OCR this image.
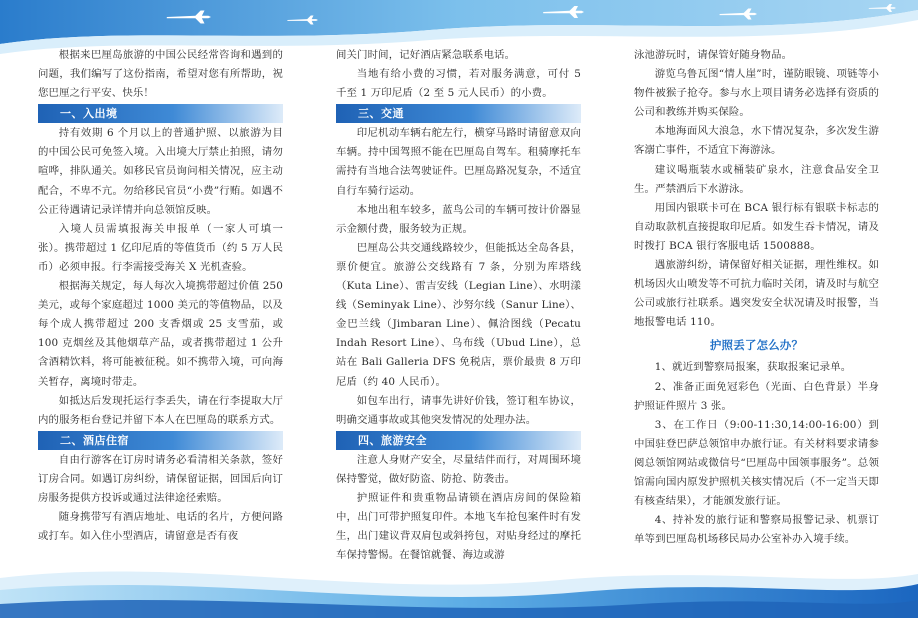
根据来巴厘岛旅游的中国公民经常咨询和遇到的问题，我们编写了这份指南，希望对您有所帮助，祝您巴厘之行平安、快乐！

一、入出境

持有效期 6 个月以上的普通护照、以旅游为目的中国公民可免签入境。入出境大厅禁止拍照，请勿喧哗，排队通关。如移民官员询问相关情况，应主动配合，不卑不亢。勿给移民官员“小费”行贿。如遇不公正待遇请记录详情并向总领馆反映。

入境人员需填报海关申报单（一家人可填一张）。携带超过 1 亿印尼盾的等值货币（约 5 万人民币）必须申报。行李需接受海关 X 光机查验。

根据海关规定，每人每次入境携带超过价值 250 美元，或每个家庭超过 1000 美元的等值物品，以及每个成人携带超过 200 支香烟或 25 支雪茄，或 100 克烟丝及其他烟草产品，或者携带超过 1 公升含酒精饮料，将可能被征税。如不携带入境，可向海关暂存，离境时带走。

如抵达后发现托运行李丢失，请在行李提取大厅内的服务柜台登记并留下本人在巴厘岛的联系方式。

二、酒店住宿

自由行游客在订房时请务必看清相关条款，签好订房合同。如遇订房纠纷，请保留证据，回国后向订房服务提供方投诉或通过法律途径索赔。

随身携带写有酒店地址、电话的名片，方便问路或打车。如入住小型酒店，请留意是否有夜

间关门时间，记好酒店紧急联系电话。

当地有给小费的习惯，若对服务满意，可付 5 千至 1 万印尼盾（2 至 5 元人民币）的小费。

三、交通

印尼机动车辆右舵左行，横穿马路时请留意双向车辆。持中国驾照不能在巴厘岛自驾车。租骑摩托车需持有当地合法驾驶证件。巴厘岛路况复杂，不适宜自行车骑行运动。

本地出租车较多，蓝鸟公司的车辆可按计价器显示金额付费，服务较为正规。

巴厘岛公共交通线路较少，但能抵达全岛各县，票价便宜。旅游公交线路有 7 条，分别为库塔线（Kuta Line）、雷吉安线（Legian Line）、水明漾线（Seminyak Line）、沙努尔线（Sanur Line）、金巴兰线（Jimbaran Line）、佩洽图线（Pecatu Indah Resort Line）、乌布线（Ubud Line），总站在 Bali Galleria DFS 免税店，票价最贵 8 万印尼盾（约 40 人民币）。

如包车出行，请事先讲好价钱，签订租车协议，明确交通事故或其他突发情况的处理办法。

四、旅游安全

注意人身财产安全，尽量结伴而行，对周围环境保持警觉，做好防盗、防抢、防袭击。

护照证件和贵重物品请锁在酒店房间的保险箱中，出门可带护照复印件。本地飞车抢包案件时有发生，出门建议背双肩包或斜挎包，对贴身经过的摩托车保持警惕。在餐馆就餐、海边或游

泳池游玩时，请保管好随身物品。

游览乌鲁瓦图“情人崖”时，谨防眼镜、项链等小物件被猴子抢夺。参与水上项目请务必选择有资质的公司和教练并购买保险。

本地海面风大浪急，水下情况复杂，多次发生游客溺亡事件，不适宜下海游泳。

建议喝瓶装水或桶装矿泉水，注意食品安全卫生。严禁酒后下水游泳。

用国内银联卡可在 BCA 银行标有银联卡标志的自动取款机直接提取印尼盾。如发生吞卡情况，请及时拨打 BCA 银行客服电话 1500888。

遇旅游纠纷，请保留好相关证据，理性维权。如机场因火山喷发等不可抗力临时关闭，请及时与航空公司或旅行社联系。遇突发安全状况请及时报警，当地报警电话 110。

护照丢了怎么办？

1、就近到警察局报案，获取报案记录单。

2、准备正面免冠彩色（光面、白色背景）半身护照证件照片 3 张。

3、在工作日（9:00-11:30,14:00-16:00）到中国驻登巴萨总领馆申办旅行证。有关材料要求请参阅总领馆网站或微信号“巴厘岛中国领事服务”。总领馆需向国内原发护照机关核实情况后（不一定当天即有核查结果），才能颁发旅行证。

4、持补发的旅行证和警察局报警记录、机票订单等到巴厘岛机场移民局办公室补办入境手续。
